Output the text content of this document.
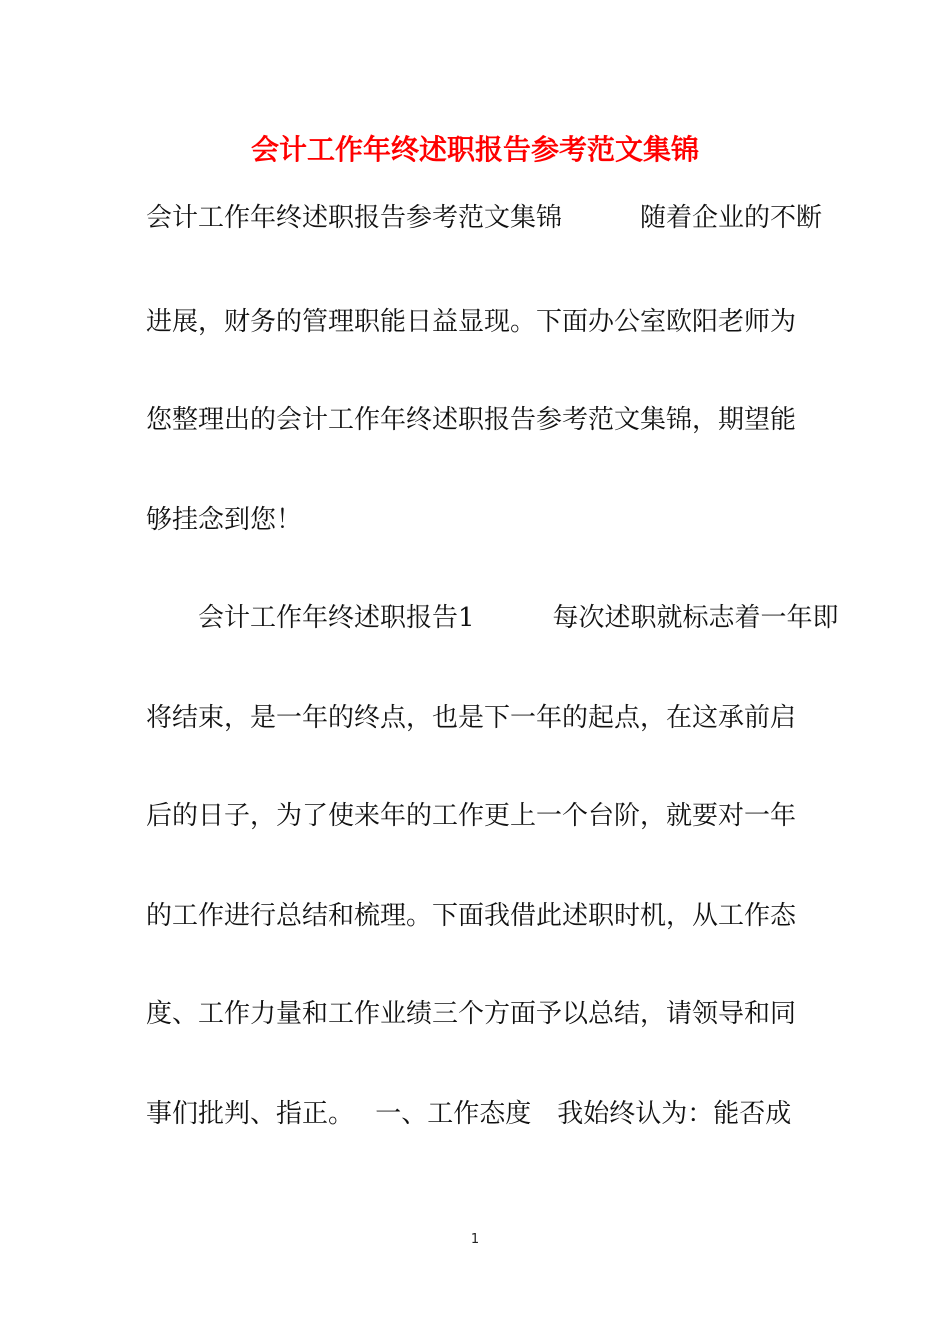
会计工作年终述职报告参考范文集锦
会计工作年终述职报告参考范文集锦　　　随着企业的不断
进展，财务的管理职能日益显现。下面办公室欧阳老师为
您整理出的会计工作年终述职报告参考范文集锦，期望能
够挂念到您！
　　会计工作年终述职报告1　　　每次述职就标志着一年即
将结束，是一年的终点，也是下一年的起点，在这承前启
后的日子，为了使来年的工作更上一个台阶，就要对一年
的工作进行总结和梳理。下面我借此述职时机，从工作态
度、工作力量和工作业绩三个方面予以总结，请领导和同
事们批判、指正。　 一、工作态度　我始终认为：能否成
1
